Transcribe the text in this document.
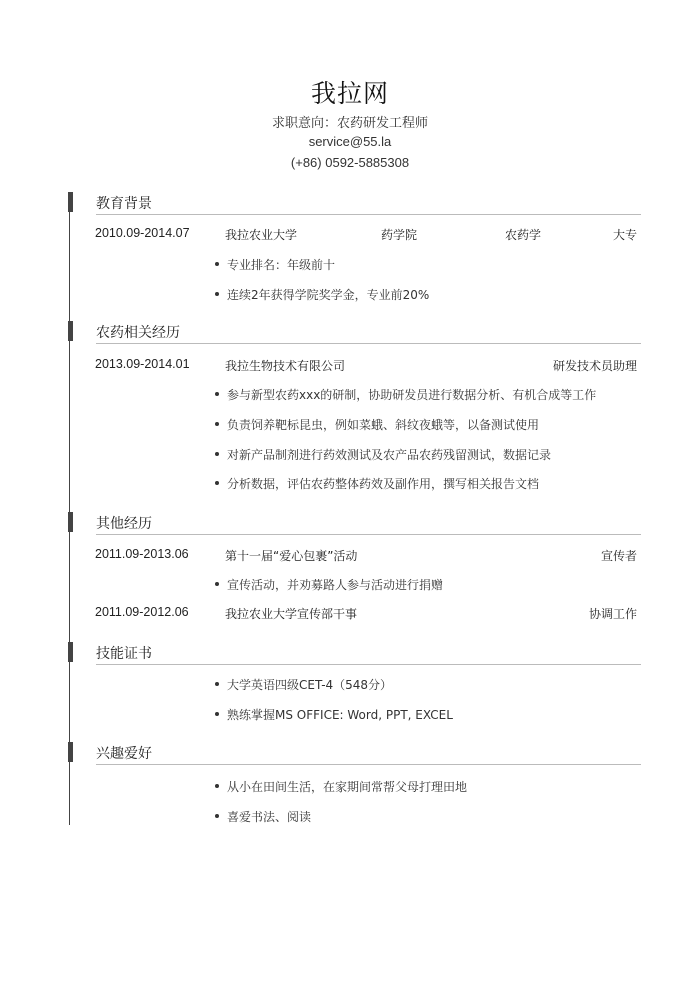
我拉网
求职意向：农药研发工程师
service@55.la
(+86) 0592-5885308
教育背景
2010.09-2014.07	我拉农业大学	药学院	农药学	大专
专业排名：年级前十
连续2年获得学院奖学金，专业前20%
农药相关经历
2013.09-2014.01	我拉生物技术有限公司	研发技术员助理
参与新型农药xxx的研制，协助研发员进行数据分析、有机合成等工作
负责饲养靶标昆虫，例如菜蛾、斜纹夜蛾等，以备测试使用
对新产品制剂进行药效测试及农产品农药残留测试，数据记录
分析数据，评估农药整体药效及副作用，撰写相关报告文档
其他经历
2011.09-2013.06	第十一届“爱心包裹”活动	宣传者
宣传活动，并劝募路人参与活动进行捐赠
2011.09-2012.06	我拉农业大学宣传部干事	协调工作
技能证书
大学英语四级CET-4（548分）
熟练掌握MS OFFICE: Word, PPT, EXCEL
兴趣爱好
从小在田间生活，在家期间常帮父母打理田地
喜爱书法、阅读
